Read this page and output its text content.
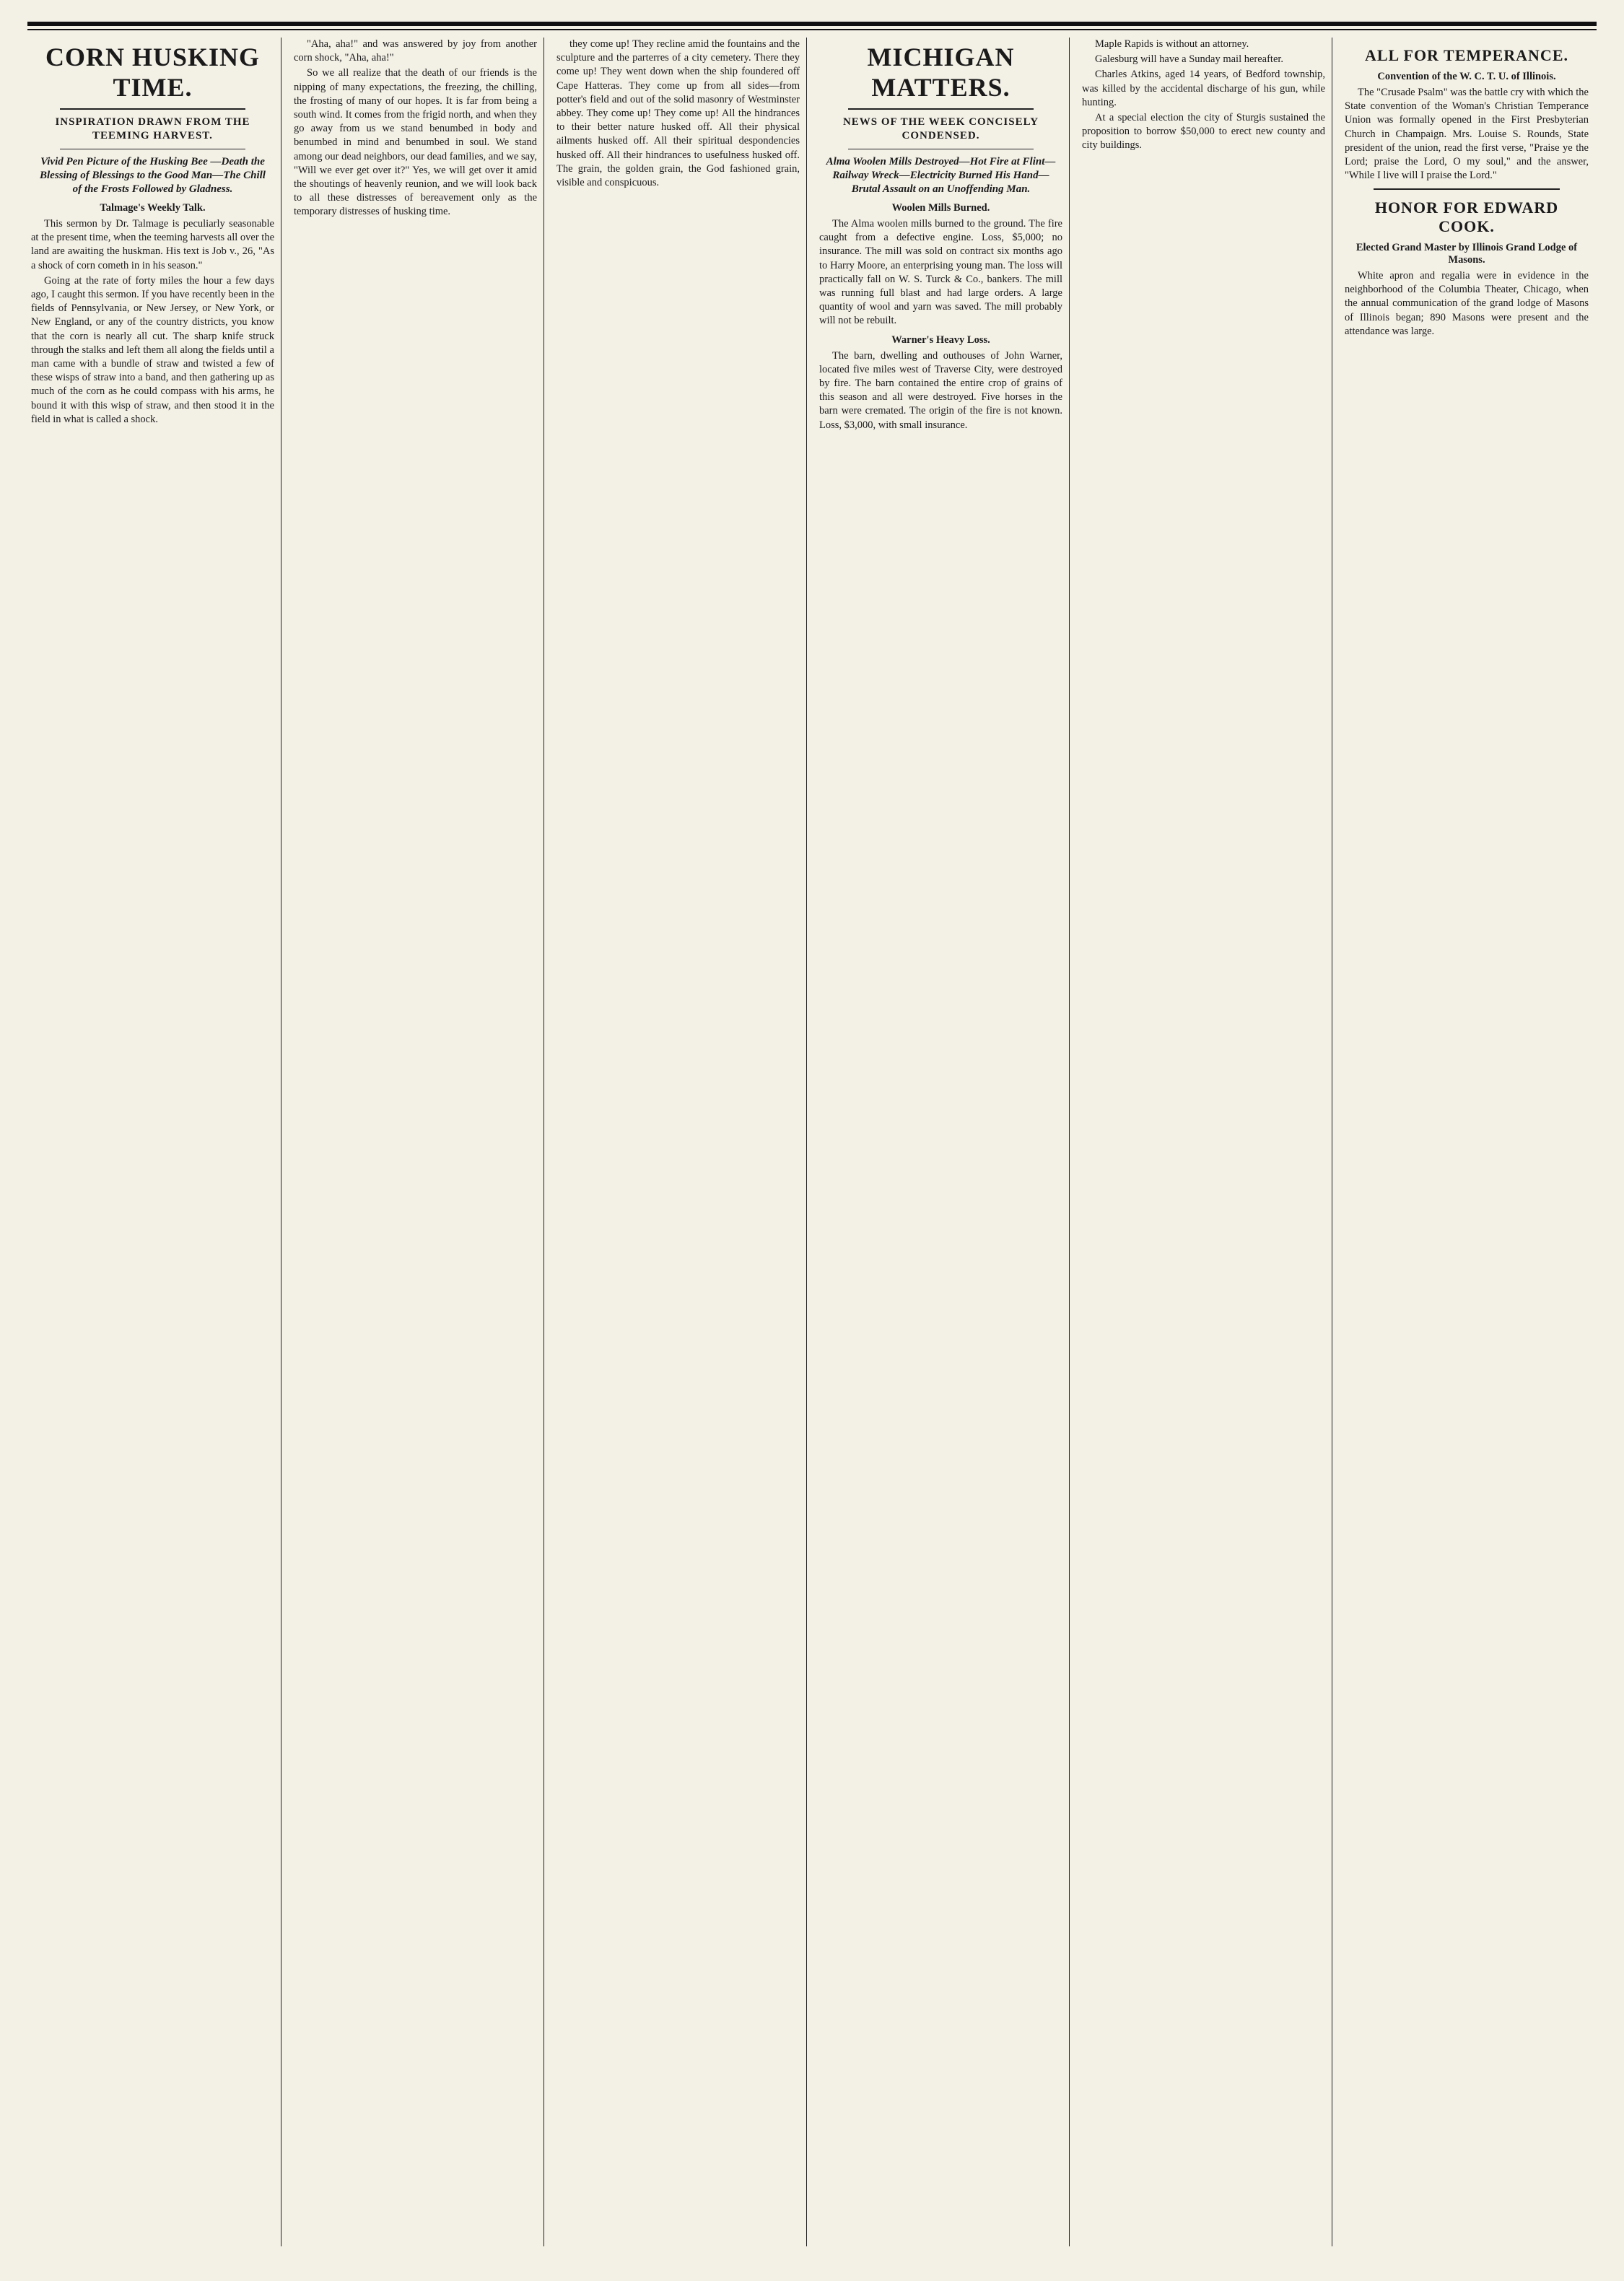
CORN HUSKING TIME.
INSPIRATION DRAWN FROM THE TEEMING HARVEST.
Vivid Pen Picture of the Husking Bee —Death the Blessing of Blessings to the Good Man—The Chill of the Frosts Followed by Gladness.
Talmage's Weekly Talk.

This sermon by Dr. Talmage is peculiarly seasonable at the present time, when the teeming harvests all over the land are awaiting the huskman. His text is Job v., 26, "As a shock of corn cometh in in his season."

Going at the rate of forty miles the hour a few days ago, I caught this sermon. If you have recently been in the fields of Pennsylvania, or New Jersey, or New York, or New England, or any of the country districts, you know that the corn is nearly all cut. The sharp knife struck through the stalks and left them all along the fields until a man came with a bundle of straw and twisted a few of these wisps of straw into a band, and then gathering up as much of the corn as he could compass with his arms, he bound it with this wisp of straw, and then stood it in the field in what is called a shock.

"Aha, aha!" and was answered by joy from another corn shock, "Aha, aha!"

So we all realize that the death of our friends is the nipping of many expectations, the freezing, the chilling, the frosting of many of our hopes. It is far from being a south wind. It comes from the frigid north, and when they go away from us we stand benumbed in body and benumbed in mind and benumbed in soul. We stand among our dead neighbors, our dead families, and we say, "Will we ever get over it?" Yes, we will get over it amid the shoutings of heavenly reunion, and we will look back to all these distresses of bereavement only as the temporary distresses of husking time.

they come up! They recline amid the fountains and the sculpture and the parterres of a city cemetery. There they come up! They went down when the ship foundered off Cape Hatteras. They come up from all sides—from potter's field and out of the solid masonry of Westminster abbey. They come up! They come up! All the hindrances to their better nature husked off. All their physical ailments husked off. All their spiritual despondencies husked off. All their hindrances to usefulness husked off. The grain, the golden grain, the God fashioned grain, visible and conspicuous.

MICHIGAN MATTERS.
NEWS OF THE WEEK CONCISELY CONDENSED.
Alma Woolen Mills Destroyed—Hot Fire at Flint—Railway Wreck—Electricity Burned His Hand—Brutal Assault on an Unoffending Man.
Woolen Mills Burned.

The Alma woolen mills burned to the ground. The fire caught from a defective engine. Loss, $5,000; no insurance. The mill was sold on contract six months ago to Harry Moore, an enterprising young man. The loss will practically fall on W. S. Turck & Co., bankers. The mill was running full blast and had large orders. A large quantity of wool and yarn was saved. The mill probably will not be rebuilt.

Warner's Heavy Loss.

The barn, dwelling and outhouses of John Warner, located five miles west of Traverse City, were destroyed by fire. The barn contained the entire crop of grains of this season and all were destroyed. Five horses in the barn were cremated. The origin of the fire is not known. Loss, $3,000, with small insurance.

Maple Rapids is without an attorney.

Galesburg will have a Sunday mail hereafter.

Charles Atkins, aged 14 years, of Bedford township, was killed by the accidental discharge of his gun, while hunting.

At a special election the city of Sturgis sustained the proposition to borrow $50,000 to erect new county and city buildings.

ALL FOR TEMPERANCE.
Convention of the W. C. T. U. of Illinois.

The "Crusade Psalm" was the battle cry with which the State convention of the Woman's Christian Temperance Union was formally opened in the First Presbyterian Church in Champaign. Mrs. Louise S. Rounds, State president of the union, read the first verse, "Praise ye the Lord; praise the Lord, O my soul," and the answer, "While I live will I praise the Lord."

HONOR FOR EDWARD COOK.
Elected Grand Master by Illinois Grand Lodge of Masons.

White apron and regalia were in evidence in the neighborhood of the Columbia Theater, Chicago, when the annual communication of the grand lodge of Masons of Illinois began; 890 Masons were present and the attendance was large.
